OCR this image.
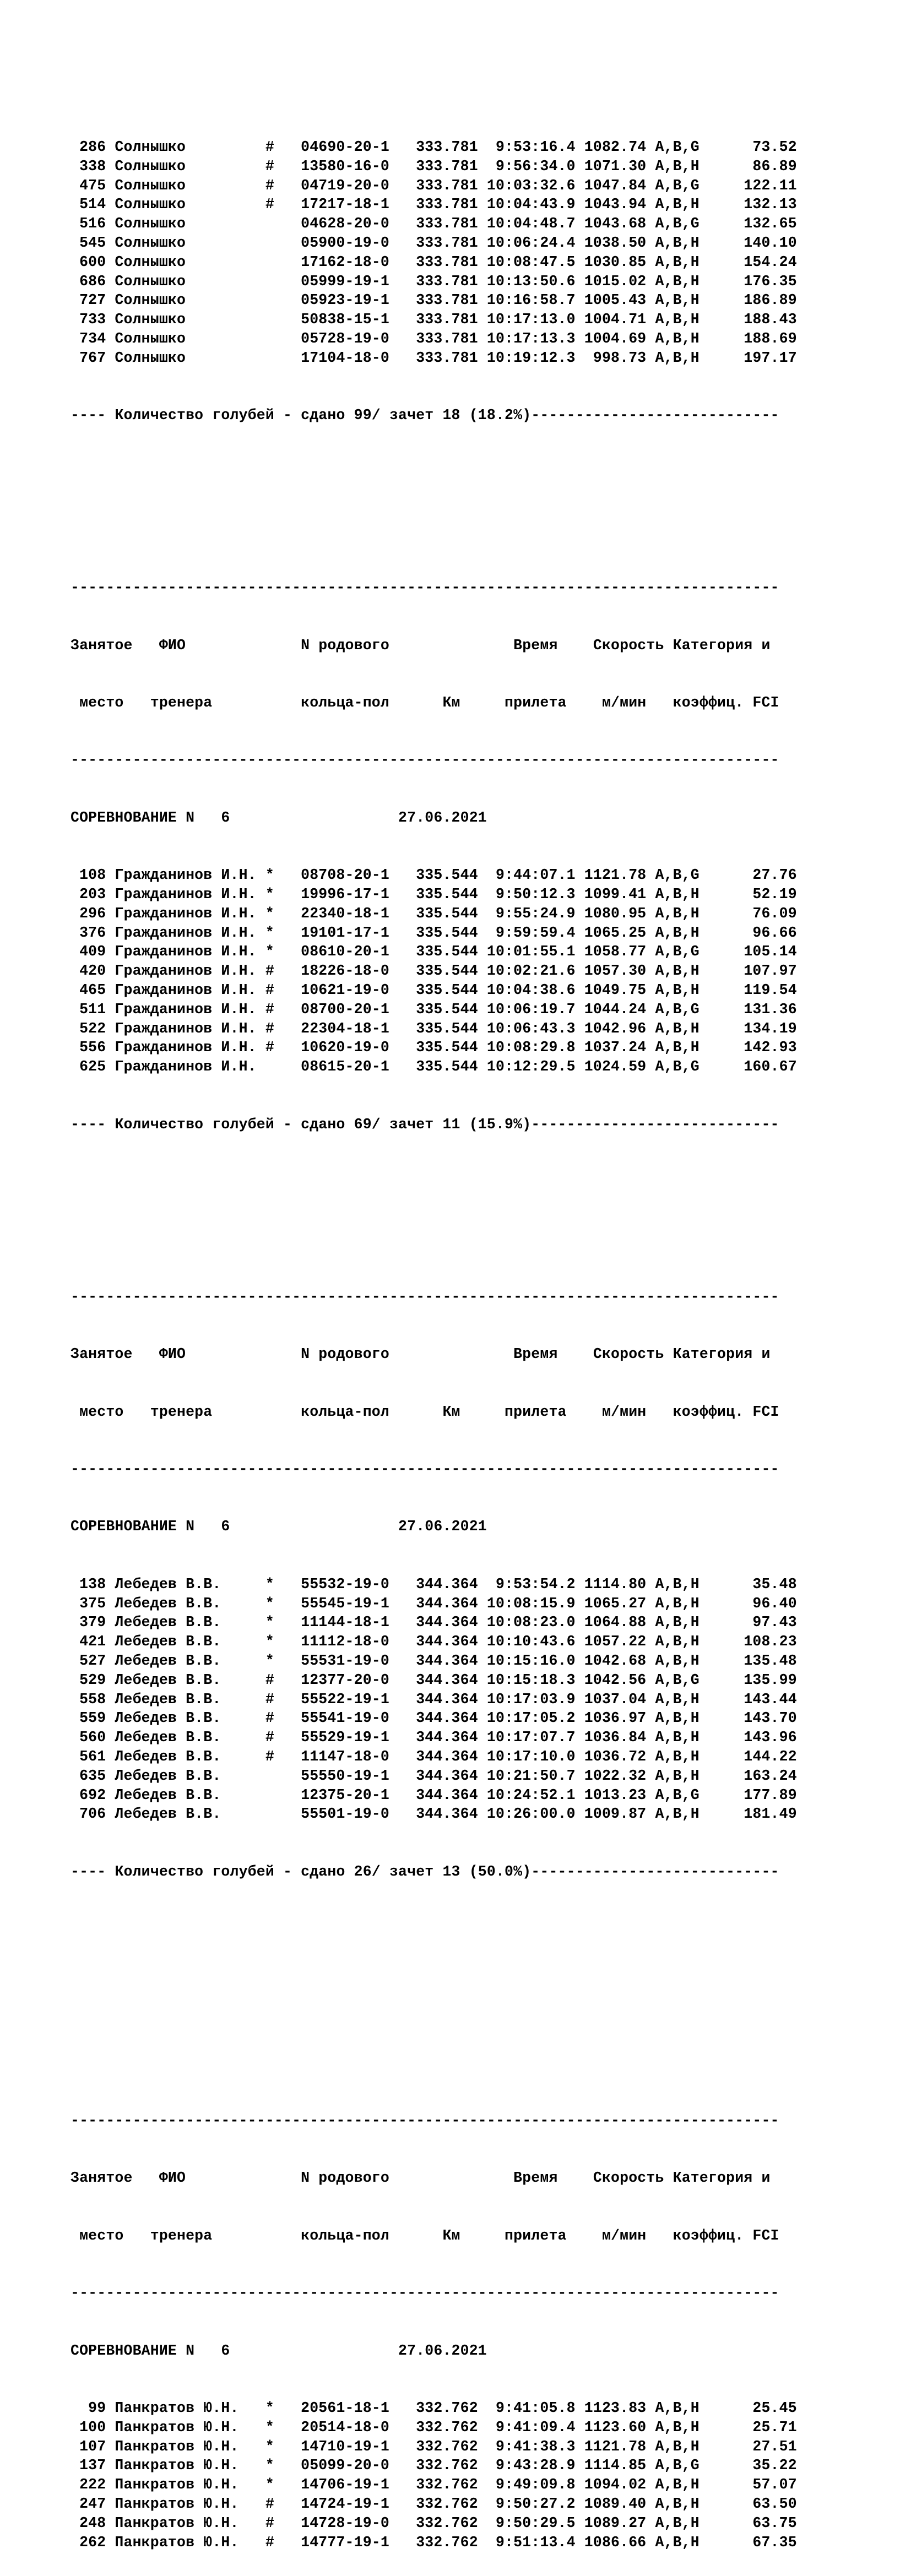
286 Солнышко         #   04690-20-1   333.781  9:53:16.4 1082.74 A,B,G      73.52
338 Солнышко         #   13580-16-0   333.781  9:56:34.0 1071.30 A,B,H      86.89
475 Солнышко         #   04719-20-0   333.781 10:03:32.6 1047.84 A,B,G     122.11
514 Солнышко         #   17217-18-1   333.781 10:04:43.9 1043.94 A,B,H     132.13
516 Солнышко             04628-20-0   333.781 10:04:48.7 1043.68 A,B,G     132.65
545 Солнышко             05900-19-0   333.781 10:06:24.4 1038.50 A,B,H     140.10
600 Солнышко             17162-18-0   333.781 10:08:47.5 1030.85 A,B,H     154.24
686 Солнышко             05999-19-1   333.781 10:13:50.6 1015.02 A,B,H     176.35
727 Солнышко             05923-19-1   333.781 10:16:58.7 1005.43 A,B,H     186.89
733 Солнышко             50838-15-1   333.781 10:17:13.0 1004.71 A,B,H     188.43
734 Солнышко             05728-19-0   333.781 10:17:13.3 1004.69 A,B,H     188.69
767 Солнышко             17104-18-0   333.781 10:19:12.3  998.73 A,B,H     197.17

---- Количество голубей - сдано 99/ зачет 18 (18.2%)----------------------------

--------------------------------------------------------------------------------

Занятое   ФИО             N родового              Время    Скорость Категория и

место   тренера          кольца-пол      Км     прилета    м/мин   коэффиц. FCI

--------------------------------------------------------------------------------

СОРЕВНОВАНИЕ N   6                   27.06.2021

108 Гражданинов И.Н. *   08708-20-1   335.544  9:44:07.1 1121.78 A,B,G      27.76
203 Гражданинов И.Н. *   19996-17-1   335.544  9:50:12.3 1099.41 A,B,H      52.19
296 Гражданинов И.Н. *   22340-18-1   335.544  9:55:24.9 1080.95 A,B,H      76.09
376 Гражданинов И.Н. *   19101-17-1   335.544  9:59:59.4 1065.25 A,B,H      96.66
409 Гражданинов И.Н. *   08610-20-1   335.544 10:01:55.1 1058.77 A,B,G     105.14
420 Гражданинов И.Н. #   18226-18-0   335.544 10:02:21.6 1057.30 A,B,H     107.97
465 Гражданинов И.Н. #   10621-19-0   335.544 10:04:38.6 1049.75 A,B,H     119.54
511 Гражданинов И.Н. #   08700-20-1   335.544 10:06:19.7 1044.24 A,B,G     131.36
522 Гражданинов И.Н. #   22304-18-1   335.544 10:06:43.3 1042.96 A,B,H     134.19
556 Гражданинов И.Н. #   10620-19-0   335.544 10:08:29.8 1037.24 A,B,H     142.93
625 Гражданинов И.Н.     08615-20-1   335.544 10:12:29.5 1024.59 A,B,G     160.67

---- Количество голубей - сдано 69/ зачет 11 (15.9%)----------------------------

--------------------------------------------------------------------------------

Занятое   ФИО             N родового              Время    Скорость Категория и

место   тренера          кольца-пол      Км     прилета    м/мин   коэффиц. FCI

--------------------------------------------------------------------------------

СОРЕВНОВАНИЕ N   6                   27.06.2021

138 Лебедев В.В.     *   55532-19-0   344.364  9:53:54.2 1114.80 A,B,H      35.48
375 Лебедев В.В.     *   55545-19-1   344.364 10:08:15.9 1065.27 A,B,H      96.40
379 Лебедев В.В.     *   11144-18-1   344.364 10:08:23.0 1064.88 A,B,H      97.43
421 Лебедев В.В.     *   11112-18-0   344.364 10:10:43.6 1057.22 A,B,H     108.23
527 Лебедев В.В.     *   55531-19-0   344.364 10:15:16.0 1042.68 A,B,H     135.48
529 Лебедев В.В.     #   12377-20-0   344.364 10:15:18.3 1042.56 A,B,G     135.99
558 Лебедев В.В.     #   55522-19-1   344.364 10:17:03.9 1037.04 A,B,H     143.44
559 Лебедев В.В.     #   55541-19-0   344.364 10:17:05.2 1036.97 A,B,H     143.70
560 Лебедев В.В.     #   55529-19-1   344.364 10:17:07.7 1036.84 A,B,H     143.96
561 Лебедев В.В.     #   11147-18-0   344.364 10:17:10.0 1036.72 A,B,H     144.22
635 Лебедев В.В.         55550-19-1   344.364 10:21:50.7 1022.32 A,B,H     163.24
692 Лебедев В.В.         12375-20-1   344.364 10:24:52.1 1013.23 A,B,G     177.89
706 Лебедев В.В.         55501-19-0   344.364 10:26:00.0 1009.87 A,B,H     181.49

---- Количество голубей - сдано 26/ зачет 13 (50.0%)----------------------------

--------------------------------------------------------------------------------

Занятое   ФИО             N родового              Время    Скорость Категория и

место   тренера          кольца-пол      Км     прилета    м/мин   коэффиц. FCI

--------------------------------------------------------------------------------

СОРЕВНОВАНИЕ N   6                   27.06.2021

99 Панкратов Ю.Н.   *   20561-18-1   332.762  9:41:05.8 1123.83 A,B,H      25.45
100 Панкратов Ю.Н.   *   20514-18-0   332.762  9:41:09.4 1123.60 A,B,H      25.71
107 Панкратов Ю.Н.   *   14710-19-1   332.762  9:41:38.3 1121.78 A,B,H      27.51
137 Панкратов Ю.Н.   *   05099-20-0   332.762  9:43:28.9 1114.85 A,B,G      35.22
222 Панкратов Ю.Н.   *   14706-19-1   332.762  9:49:09.8 1094.02 A,B,H      57.07
247 Панкратов Ю.Н.   #   14724-19-1   332.762  9:50:27.2 1089.40 A,B,H      63.50
248 Панкратов Ю.Н.   #   14728-19-0   332.762  9:50:29.5 1089.27 A,B,H      63.75
262 Панкратов Ю.Н.   #   14777-19-1   332.762  9:51:13.4 1086.66 A,B,H      67.35
